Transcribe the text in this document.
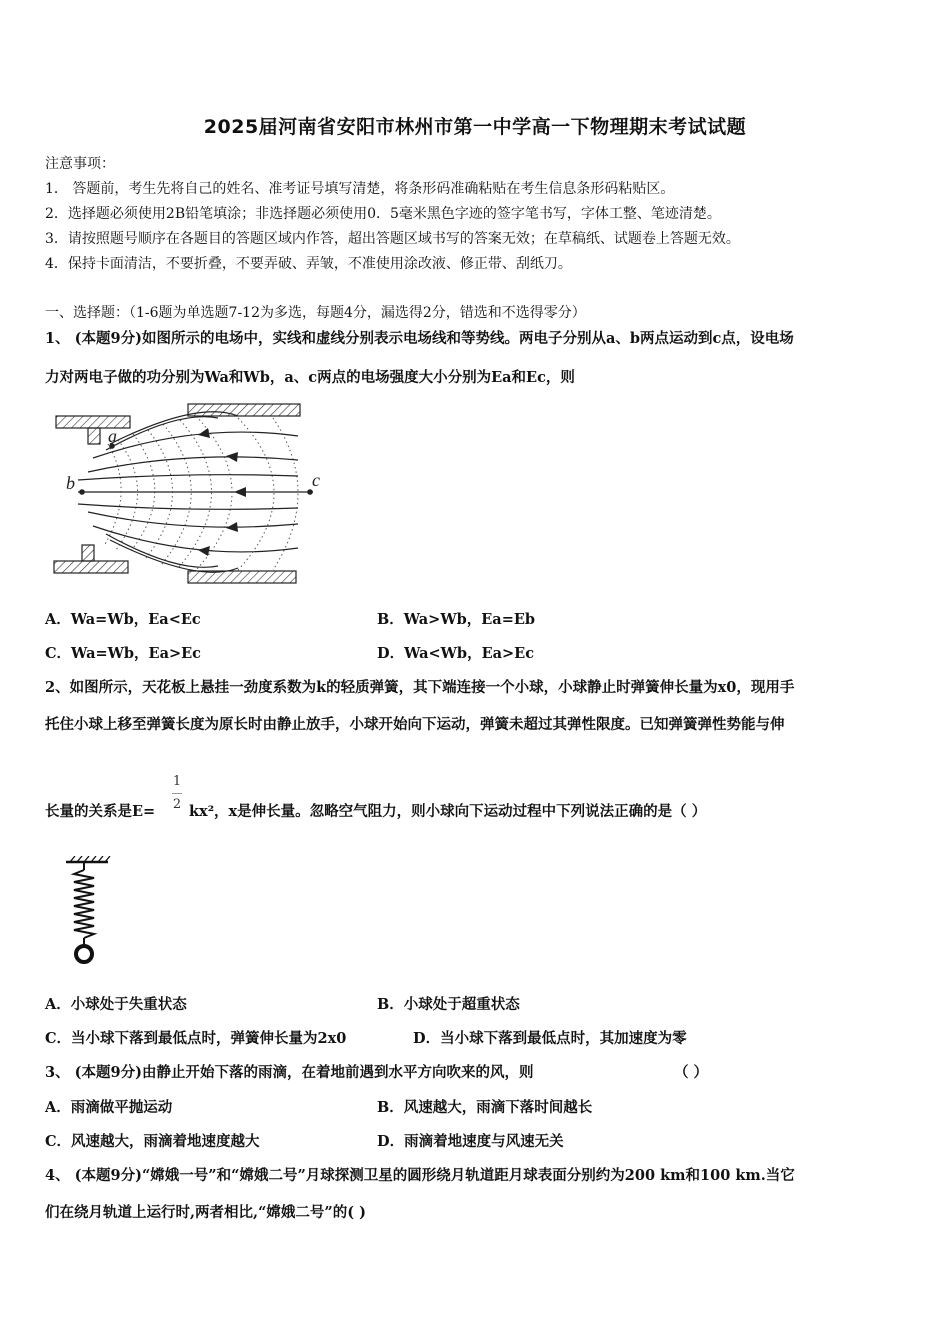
2025届河南省安阳市林州市第一中学高一下物理期末考试试题
注意事项：
1． 答题前，考生先将自己的姓名、准考证号填写清楚，将条形码准确粘贴在考生信息条形码粘贴区。
2．选择题必须使用2B铅笔填涂；非选择题必须使用0．5毫米黑色字迹的签字笔书写，字体工整、笔迹清楚。
3．请按照题号顺序在各题目的答题区域内作答，超出答题区域书写的答案无效；在草稿纸、试题卷上答题无效。
4．保持卡面清洁，不要折叠，不要弄破、弄皱，不准使用涂改液、修正带、刮纸刀。
一、选择题：（1-6题为单选题7-12为多选，每题4分，漏选得2分，错选和不选得零分）
1、 (本题9分)如图所示的电场中，实线和虚线分别表示电场线和等势线。两电子分别从a、b两点运动到c点，设电场
力对两电子做的功分别为Wa和Wb，a、c两点的电场强度大小分别为Ea和Ec，则
a
b	c
A．Wa=Wb，Ea<Ec	B．Wa>Wb，Ea=Eb
C．Wa=Wb，Ea>Ec	D．Wa<Wb，Ea>Ec
2、如图所示，天花板上悬挂一劲度系数为k的轻质弹簧，其下端连接一个小球，小球静止时弹簧伸长量为x0，现用手
托住小球上移至弹簧长度为原长时由静止放手，小球开始向下运动，弹簧未超过其弹性限度。已知弹簧弹性势能与伸
1
2
长量的关系是E= kx²，x是伸长量。忽略空气阻力，则小球向下运动过程中下列说法正确的是（ ）
A．小球处于失重状态	B．小球处于超重状态
C．当小球下落到最低点时，弹簧伸长量为2x0	D．当小球下落到最低点时，其加速度为零
3、 (本题9分)由静止开始下落的雨滴，在着地前遇到水平方向吹来的风，则	（ ）
A．雨滴做平抛运动	B．风速越大，雨滴下落时间越长
C．风速越大，雨滴着地速度越大	D．雨滴着地速度与风速无关
4、 (本题9分)“嫦娥一号”和“嫦娥二号”月球探测卫星的圆形绕月轨道距月球表面分别约为200 km和100 km.当它
们在绕月轨道上运行时,两者相比,“嫦娥二号”的( )
